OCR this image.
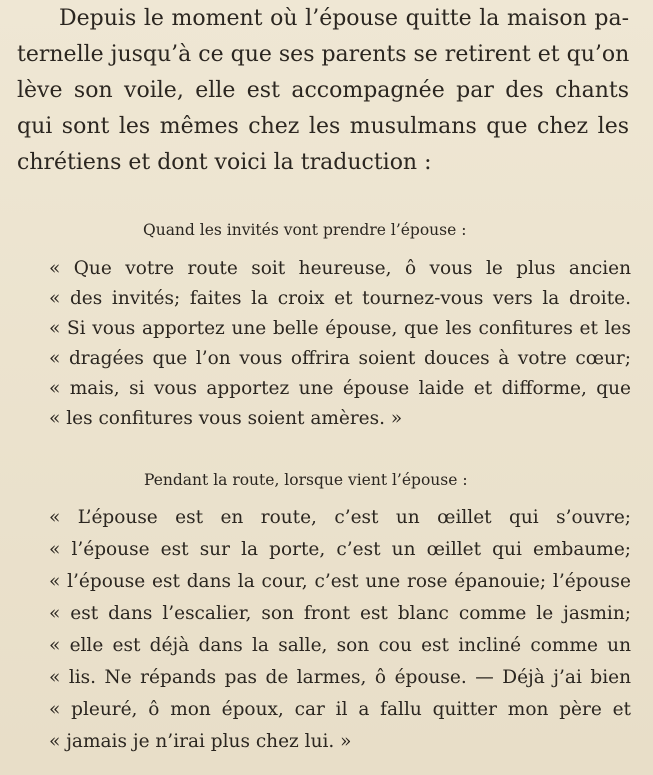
Depuis le moment où l’épouse quitte la maison pa-

ternelle jusqu’à ce que ses parents se retirent et qu’on

lève son voile, elle est accompagnée par des chants

qui sont les mêmes chez les musulmans que chez les

chrétiens et dont voici la traduction :

Quand les invités vont prendre l’épouse :

« Que votre route soit heureuse, ô vous le plus ancien

« des invités; faites la croix et tournez-vous vers la droite.

« Si vous apportez une belle épouse, que les confitures et les

« dragées que l’on vous offrira soient douces à votre cœur;

« mais, si vous apportez une épouse laide et difforme, que

« les confitures vous soient amères. »

Pendant la route, lorsque vient l’épouse :

« L’épouse est en route, c’est un œillet qui s’ouvre;

« l’épouse est sur la porte, c’est un œillet qui embaume;

« l’épouse est dans la cour, c’est une rose épanouie; l’épouse

« est dans l’escalier, son front est blanc comme le jasmin;

« elle est déjà dans la salle, son cou est incliné comme un

« lis. Ne répands pas de larmes, ô épouse. — Déjà j’ai bien

« pleuré, ô mon époux, car il a fallu quitter mon père et

« jamais je n’irai plus chez lui. »
